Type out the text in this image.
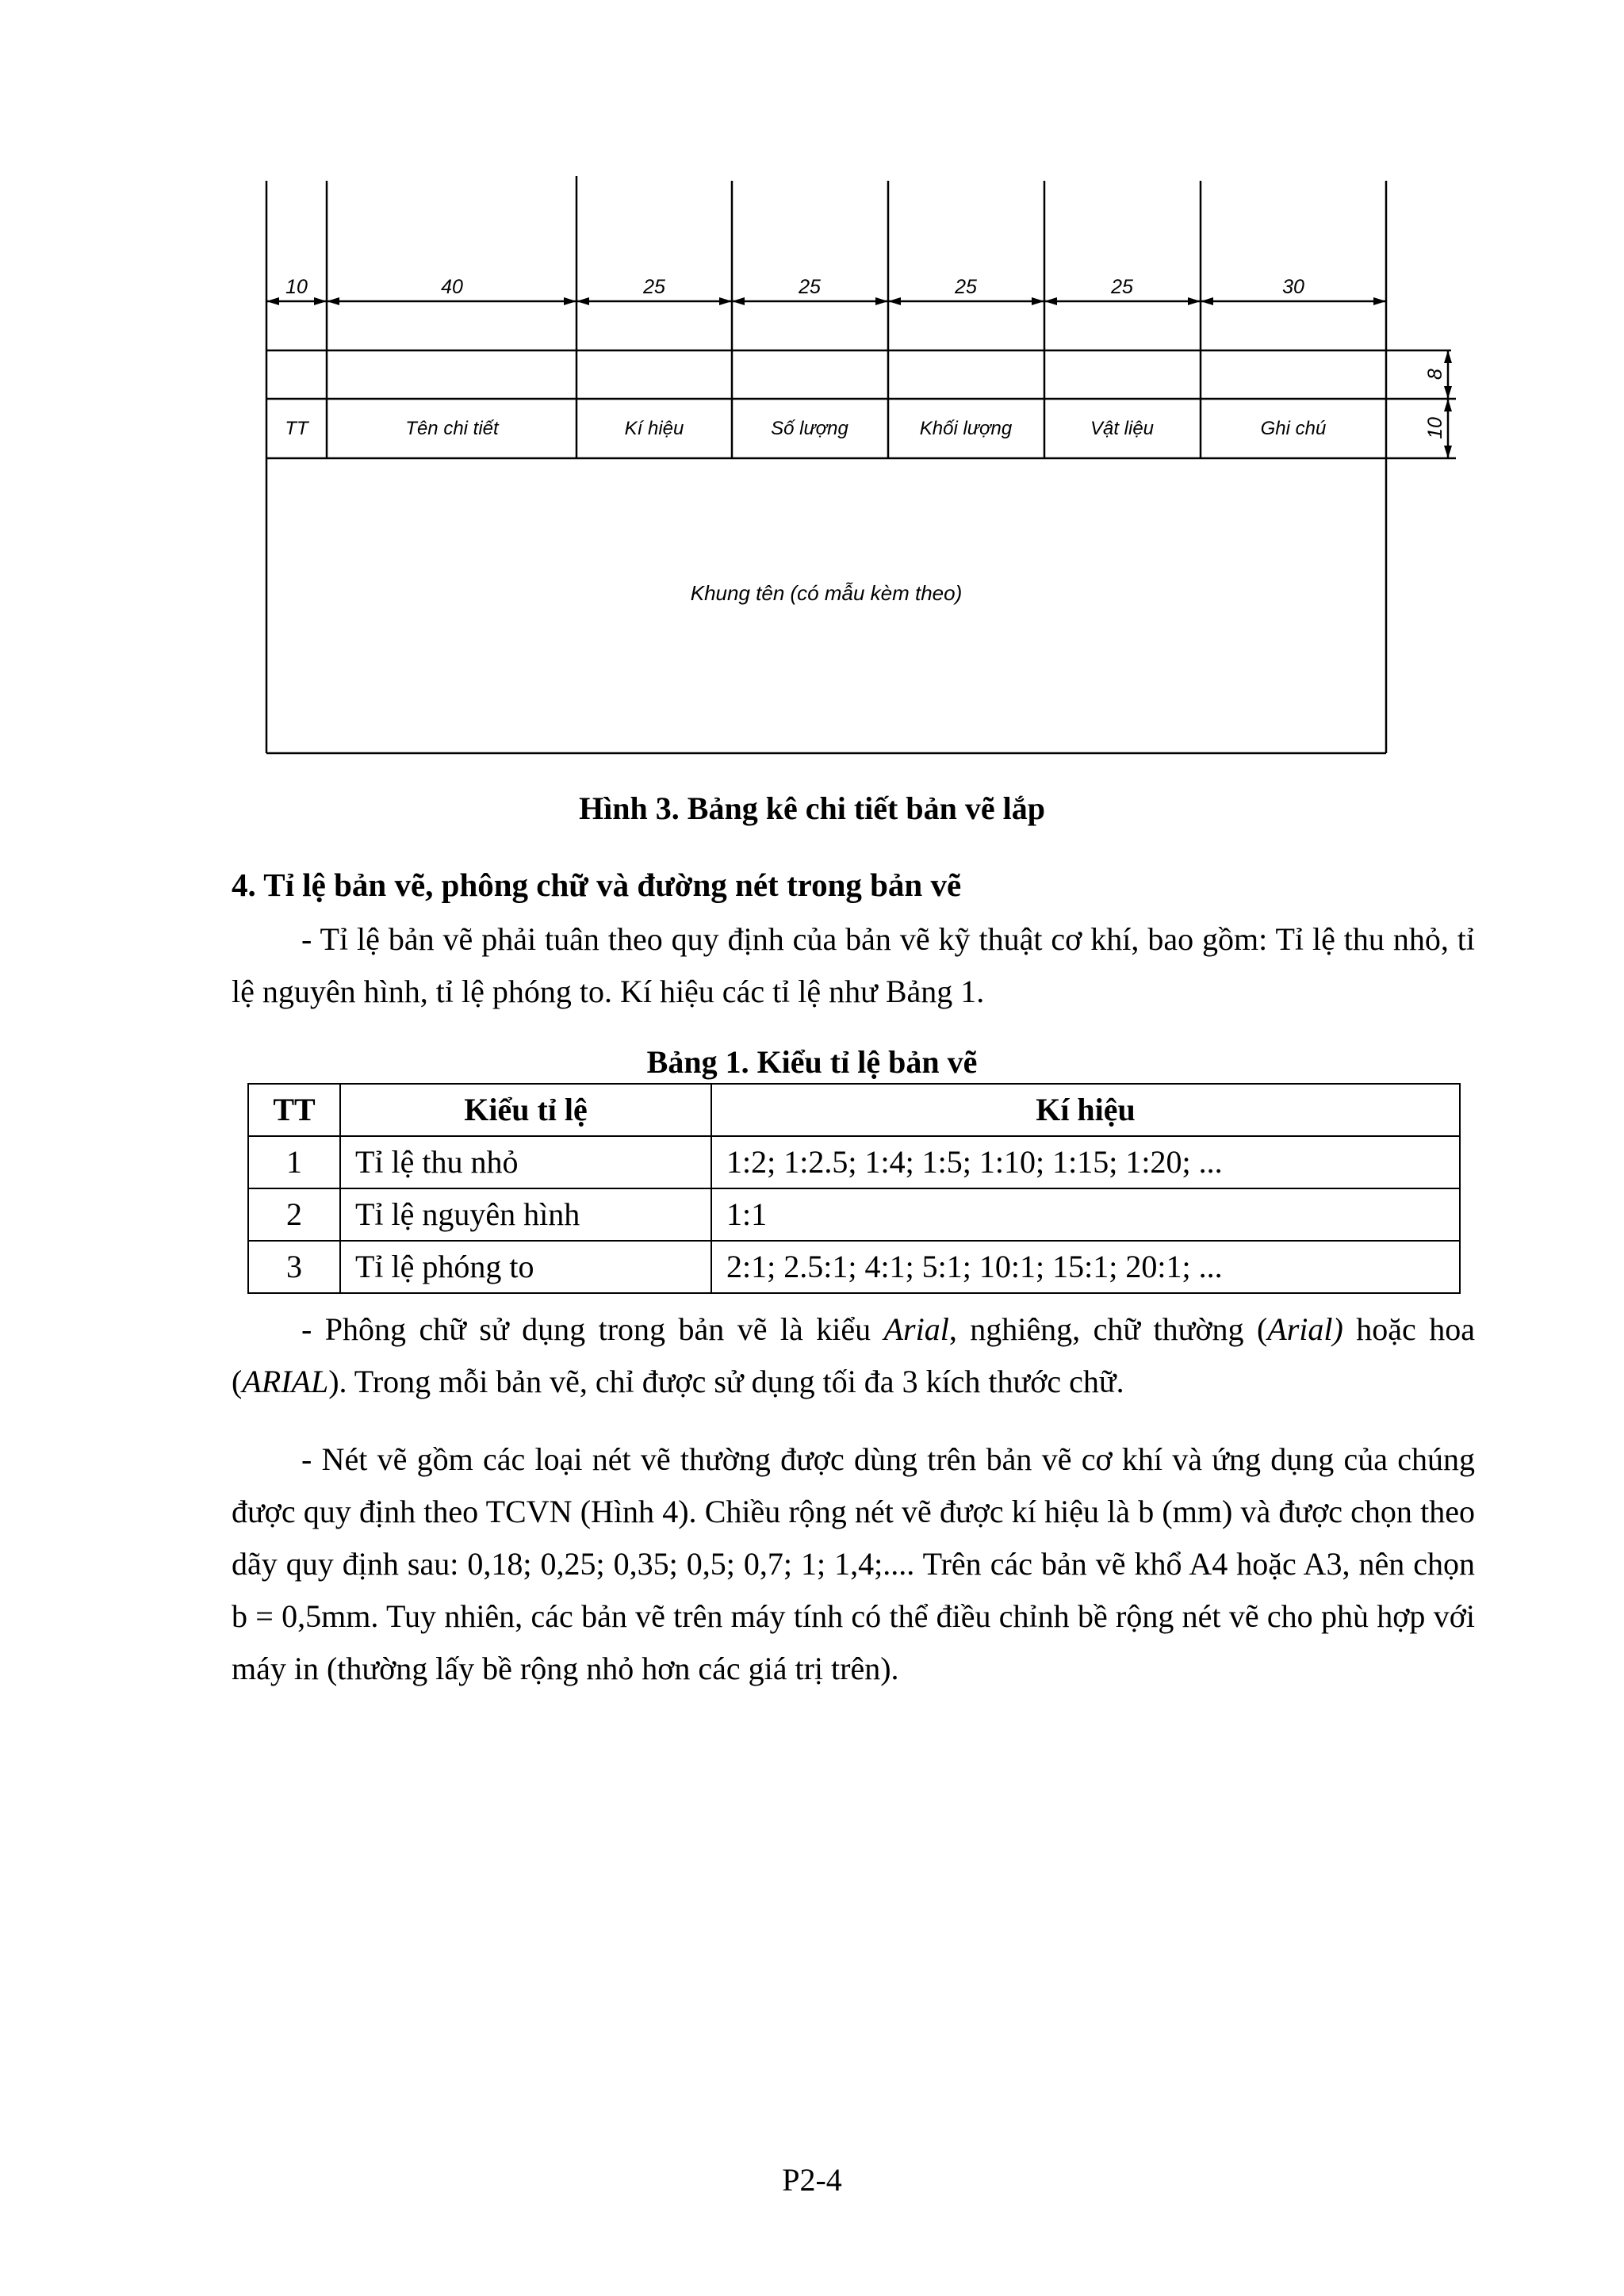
10	40	25	25	25	25	30
8
10
TT	Tên chi tiết	Kí hiệu	Số lượng	Khối lượng	Vật liệu	Ghi chú
Khung tên (có mẫu kèm theo)
Hình 3. Bảng kê chi tiết bản vẽ lắp
4. Tỉ lệ bản vẽ, phông chữ và đường nét trong bản vẽ

- Tỉ lệ bản vẽ phải tuân theo quy định của bản vẽ kỹ thuật cơ khí, bao gồm: Tỉ lệ thu nhỏ, tỉ lệ nguyên hình, tỉ lệ phóng to. Kí hiệu các tỉ lệ như Bảng 1.

Bảng 1. Kiểu tỉ lệ bản vẽ
TT	Kiểu tỉ lệ	Kí hiệu
1	Tỉ lệ thu nhỏ	1:2; 1:2.5; 1:4; 1:5; 1:10; 1:15; 1:20; ...
2	Tỉ lệ nguyên hình	1:1
3	Tỉ lệ phóng to	2:1; 2.5:1; 4:1; 5:1; 10:1; 15:1; 20:1; ...

- Phông chữ sử dụng trong bản vẽ là kiểu Arial, nghiêng, chữ thường (Arial) hoặc hoa (ARIAL). Trong mỗi bản vẽ, chỉ được sử dụng tối đa 3 kích thước chữ.

- Nét vẽ gồm các loại nét vẽ thường được dùng trên bản vẽ cơ khí và ứng dụng của chúng được quy định theo TCVN (Hình 4). Chiều rộng nét vẽ được kí hiệu là b (mm) và được chọn theo dãy quy định sau: 0,18; 0,25; 0,35; 0,5; 0,7; 1; 1,4;.... Trên các bản vẽ khổ A4 hoặc A3, nên chọn b = 0,5mm. Tuy nhiên, các bản vẽ trên máy tính có thể điều chỉnh bề rộng nét vẽ cho phù hợp với máy in (thường lấy bề rộng nhỏ hơn các giá trị trên).

P2-4
